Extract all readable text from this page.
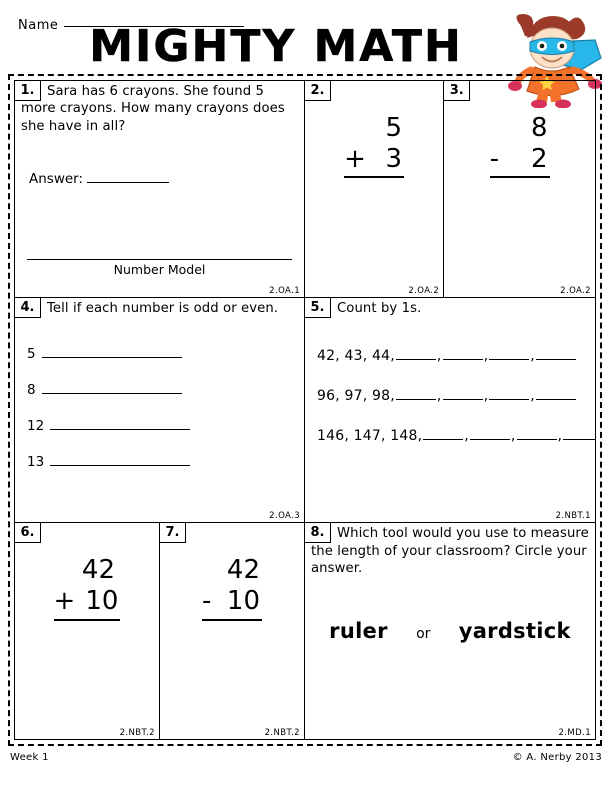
Name MIGHTY MATH
1. Sara has 6 crayons. She found 5 more crayons. How many crayons does she have in all?
Answer:
Number Model
2.OA.1
2.
5
+ 3
2.OA.2
3.
8
-	2
2.OA.2
4. Tell if each number is odd or even.
5
8
12
13
2.OA.3
5. Count by 1s.
42, 43, 44,	,	,	,
96, 97, 98,	,	,	,
146, 147, 148,	,	,	,
2.NBT.1
6.
42
+ 10
2.NBT.2
7.
42
- 10
2.NBT.2
8. Which tool would you use to measure the length of your classroom? Circle your answer.
ruler or yardstick
2.MD.1
Week 1	© A. Nerby 2013
